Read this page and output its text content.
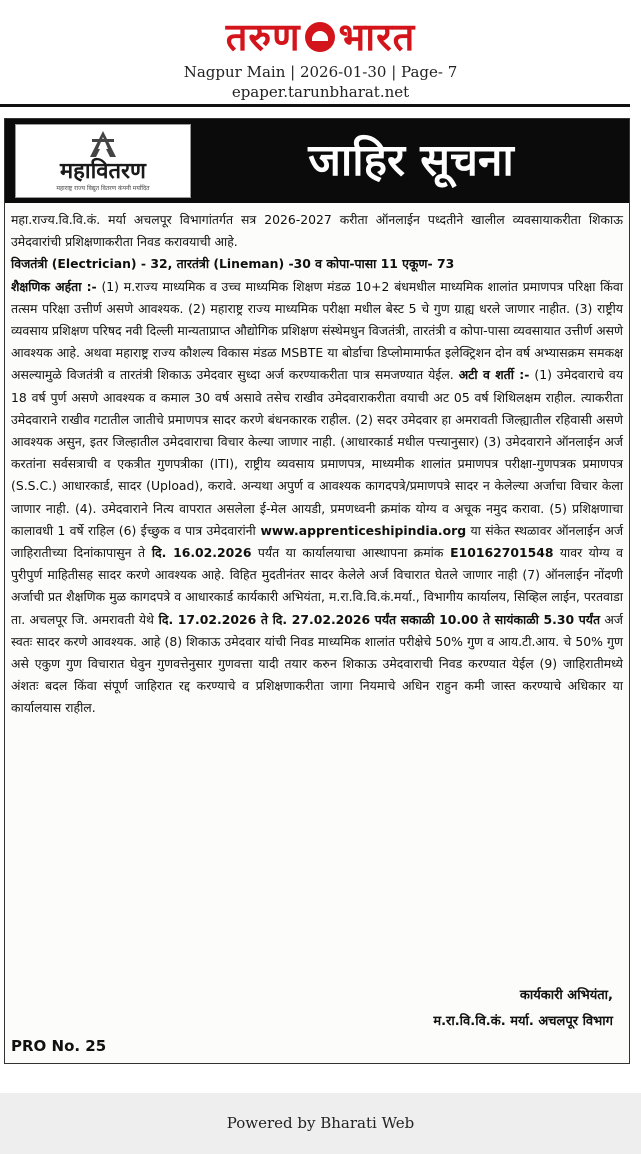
तरुण भारत
Nagpur Main | 2026-01-30 | Page- 7
epaper.tarunbharat.net
महावितरण
महाराष्ट्र राज्य विद्युत वितरण कंपनी मर्यादित
जाहिर सूचना

महा.राज्य.वि.वि.कं. मर्या अचलपूर विभागांतर्गत सत्र 2026-2027 करीता ऑनलाईन पध्दतीने खालील व्यवसायाकरीता शिकाऊ उमेदवारांची प्रशिक्षणाकरीता निवड करावयाची आहे.

विजतंत्री (Electrician) - 32, तारतंत्री (Lineman) -30 व कोपा-पासा 11 एकूण- 73

शैक्षणिक अर्हता :- (1) म.राज्य माध्यमिक व उच्च माध्यमिक शिक्षण मंडळ 10+2 बंधमधील माध्यमिक शालांत प्रमाणपत्र परिक्षा किंवा तत्सम परिक्षा उत्तीर्ण असणे आवश्यक. (2) महाराष्ट्र राज्य माध्यमिक परीक्षा मधील बेस्ट 5 चे गुण ग्राह्य धरले जाणार नाहीत. (3) राष्ट्रीय व्यवसाय प्रशिक्षण परिषद नवी दिल्ली मान्यताप्राप्त औद्योगिक प्रशिक्षण संस्थेमधुन विजतंत्री, तारतंत्री व कोपा-पासा व्यवसायात उत्तीर्ण असणे आवश्यक आहे. अथवा महाराष्ट्र राज्य कौशल्य विकास मंडळ MSBTE या बोर्डाचा डिप्लोमामार्फत इलेक्ट्रिशन दोन वर्ष अभ्यासक्रम समकक्ष असल्यामुळे विजतंत्री व तारतंत्री शिकाऊ उमेदवार सुध्दा अर्ज करण्याकरीता पात्र समजण्यात येईल. अटी व शर्ती :- (1) उमेदवाराचे वय 18 वर्ष पुर्ण असणे आवश्यक व कमाल 30 वर्ष असावे तसेच राखीव उमेदवाराकरीता वयाची अट 05 वर्ष शिथिलक्षम राहील. त्याकरीता उमेदवाराने राखीव गटातील जातीचे प्रमाणपत्र सादर करणे बंधनकारक राहील. (2) सदर उमेदवार हा अमरावती जिल्ह्यातील रहिवासी असणे आवश्यक असुन, इतर जिल्हातील उमेदवाराचा विचार केल्या जाणार नाही. (आधारकार्ड मधील पत्त्यानुसार) (3) उमेदवाराने ऑनलाईन अर्ज करतांना सर्वसत्राची व एकत्रीत गुणपत्रीका (ITI), राष्ट्रीय व्यवसाय प्रमाणपत्र, माध्यमीक शालांत प्रमाणपत्र परीक्षा-गुणपत्रक प्रमाणपत्र (S.S.C.) आधारकार्ड, सादर (Upload), करावे. अन्यथा अपुर्ण व आवश्यक कागदपत्रे/प्रमाणपत्रे सादर न केलेल्या अर्जाचा विचार केला जाणार नाही. (4). उमेदवाराने नित्य वापरात असलेला ई-मेल आयडी, प्रमणध्वनी क्रमांक योग्य व अचूक नमुद करावा. (5) प्रशिक्षणाचा कालावधी 1 वर्षे राहिल (6) ईच्छुक व पात्र उमेदवारांनी www.apprenticeshipindia.org या संकेत स्थळावर ऑनलाईन अर्ज जाहिरातीच्या दिनांकापासुन ते दि. 16.02.2026 पर्यंत या कार्यालयाचा आस्थापना क्रमांक E10162701548 यावर योग्य व पुरीपुर्ण माहितीसह सादर करणे आवश्यक आहे. विहित मुदतीनंतर सादर केलेले अर्ज विचारात घेतले जाणार नाही (7) ऑनलाईन नोंदणी अर्जाची प्रत शैक्षणिक मुळ कागदपत्रे व आधारकार्ड कार्यकारी अभियंता, म.रा.वि.वि.कं.मर्या., विभागीय कार्यालय, सिव्हिल लाईन, परतवाडा ता. अचलपूर जि. अमरावती येथे दि. 17.02.2026 ते दि. 27.02.2026 पर्यंत सकाळी 10.00 ते सायंकाळी 5.30 पर्यंत अर्ज स्वतः सादर करणे आवश्यक. आहे (8) शिकाऊ उमेदवार यांची निवड माध्यमिक शालांत परीक्षेचे 50% गुण व आय.टी.आय. चे 50% गुण असे एकुण गुण विचारात घेवुन गुणवत्तेनुसार गुणवत्ता यादी तयार करुन शिकाऊ उमेदवाराची निवड करण्यात येईल (9) जाहिरातीमध्ये अंशतः बदल किंवा संपूर्ण जाहिरात रद्द करण्याचे व प्रशिक्षणाकरीता जागा नियमाचे अधिन राहुन कमी जास्त करण्याचे अधिकार या कार्यालयास राहील.

कार्यकारी अभियंता,
म.रा.वि.वि.कं. मर्या. अचलपूर विभाग
PRO No. 25
Powered by Bharati Web
